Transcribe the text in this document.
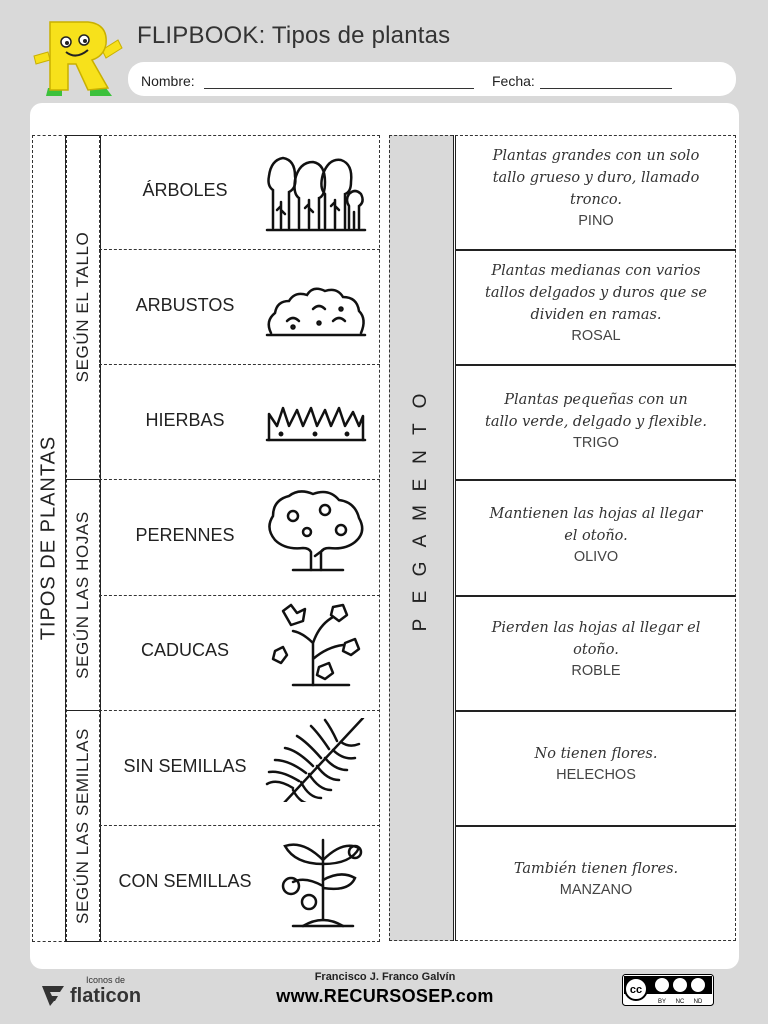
FLIPBOOK: Tipos de plantas
Nombre:	Fecha:
TIPOS DE PLANTAS
SEGÚN EL TALLO
SEGÚN LAS HOJAS
SEGÚN LAS SEMILLAS
ÁRBOLES
ARBUSTOS
HIERBAS
PERENNES
CADUCAS
SIN SEMILLAS
CON SEMILLAS
P
E
G
A
M
E
N
T
O
Plantas grandes con un solo
tallo grueso y duro, llamado
tronco.
PINO
Plantas medianas con varios
tallos delgados y duros que se
dividen en ramas.
ROSAL
Plantas pequeñas con un
tallo verde, delgado y flexible.
TRIGO
Mantienen las hojas al llegar
el otoño.
OLIVO
Pierden las hojas al llegar el
otoño.
ROBLE
No tienen flores.
HELECHOS
También tienen flores.
MANZANO
Iconos de
flaticon
Francisco J. Franco Galvín
www.RECURSOSEP.com	cc
BY NC ND
